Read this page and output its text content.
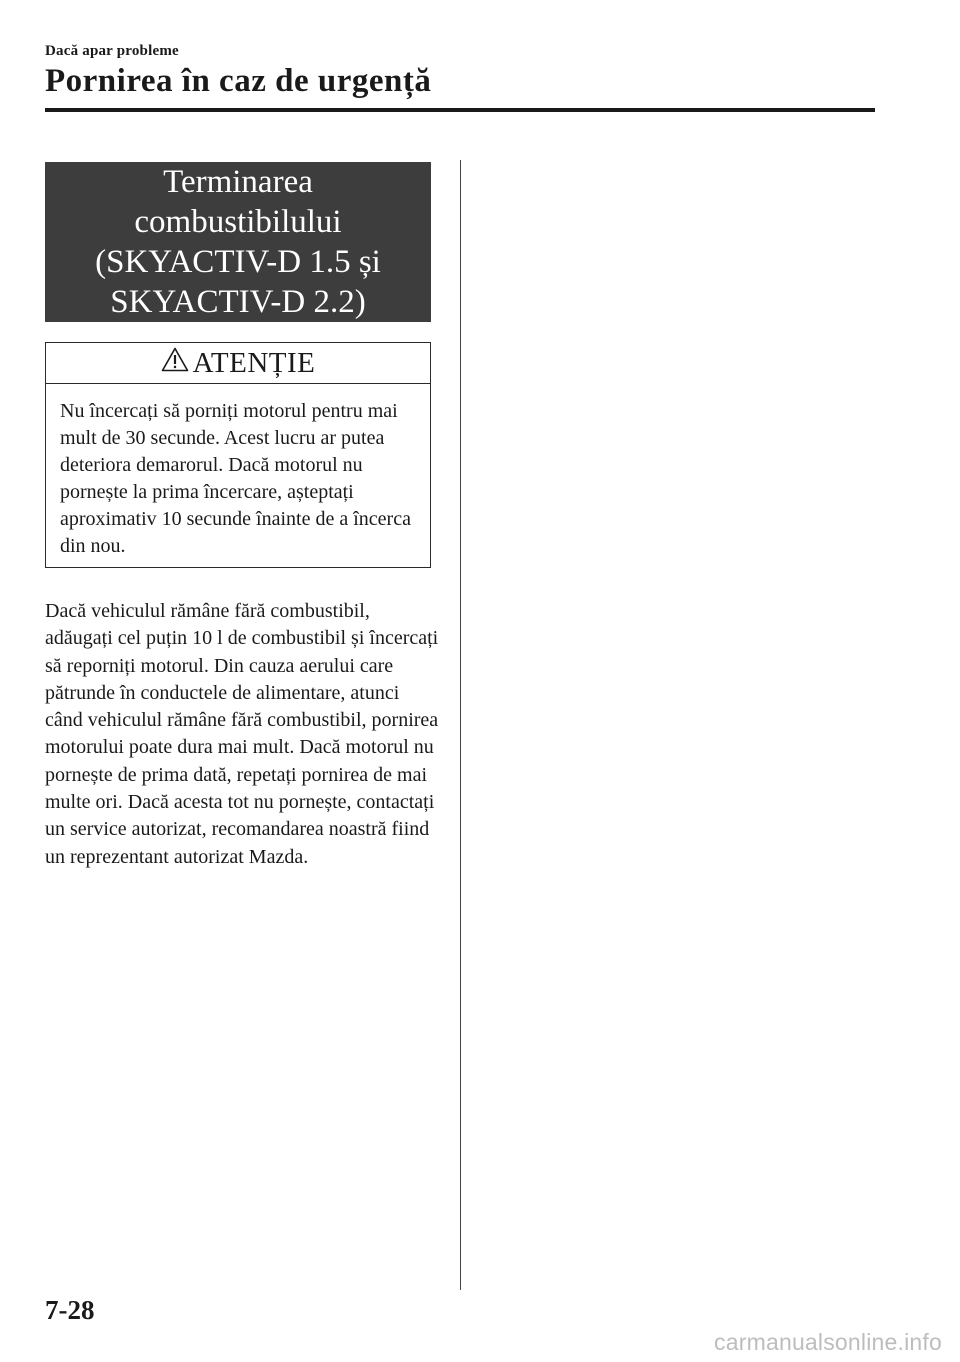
Dacă apar probleme
Pornirea în caz de urgență
Terminarea
combustibilului
(SKYACTIV-D 1.5 și
SKYACTIV-D 2.2)
ATENȚIE

Nu încercați să porniți motorul pentru mai mult de 30 secunde. Acest lucru ar putea deteriora demarorul. Dacă motorul nu pornește la prima încercare, așteptați aproximativ 10 secunde înainte de a încerca din nou.

Dacă vehiculul rămâne fără combustibil, adăugați cel puțin 10 l de combustibil și încercați să reporniți motorul. Din cauza aerului care pătrunde în conductele de alimentare, atunci când vehiculul rămâne fără combustibil, pornirea motorului poate dura mai mult. Dacă motorul nu pornește de prima dată, repetați pornirea de mai multe ori. Dacă acesta tot nu pornește, contactați un service autorizat, recomandarea noastră fiind un reprezentant autorizat Mazda.

7-28
carmanualsonline.info
